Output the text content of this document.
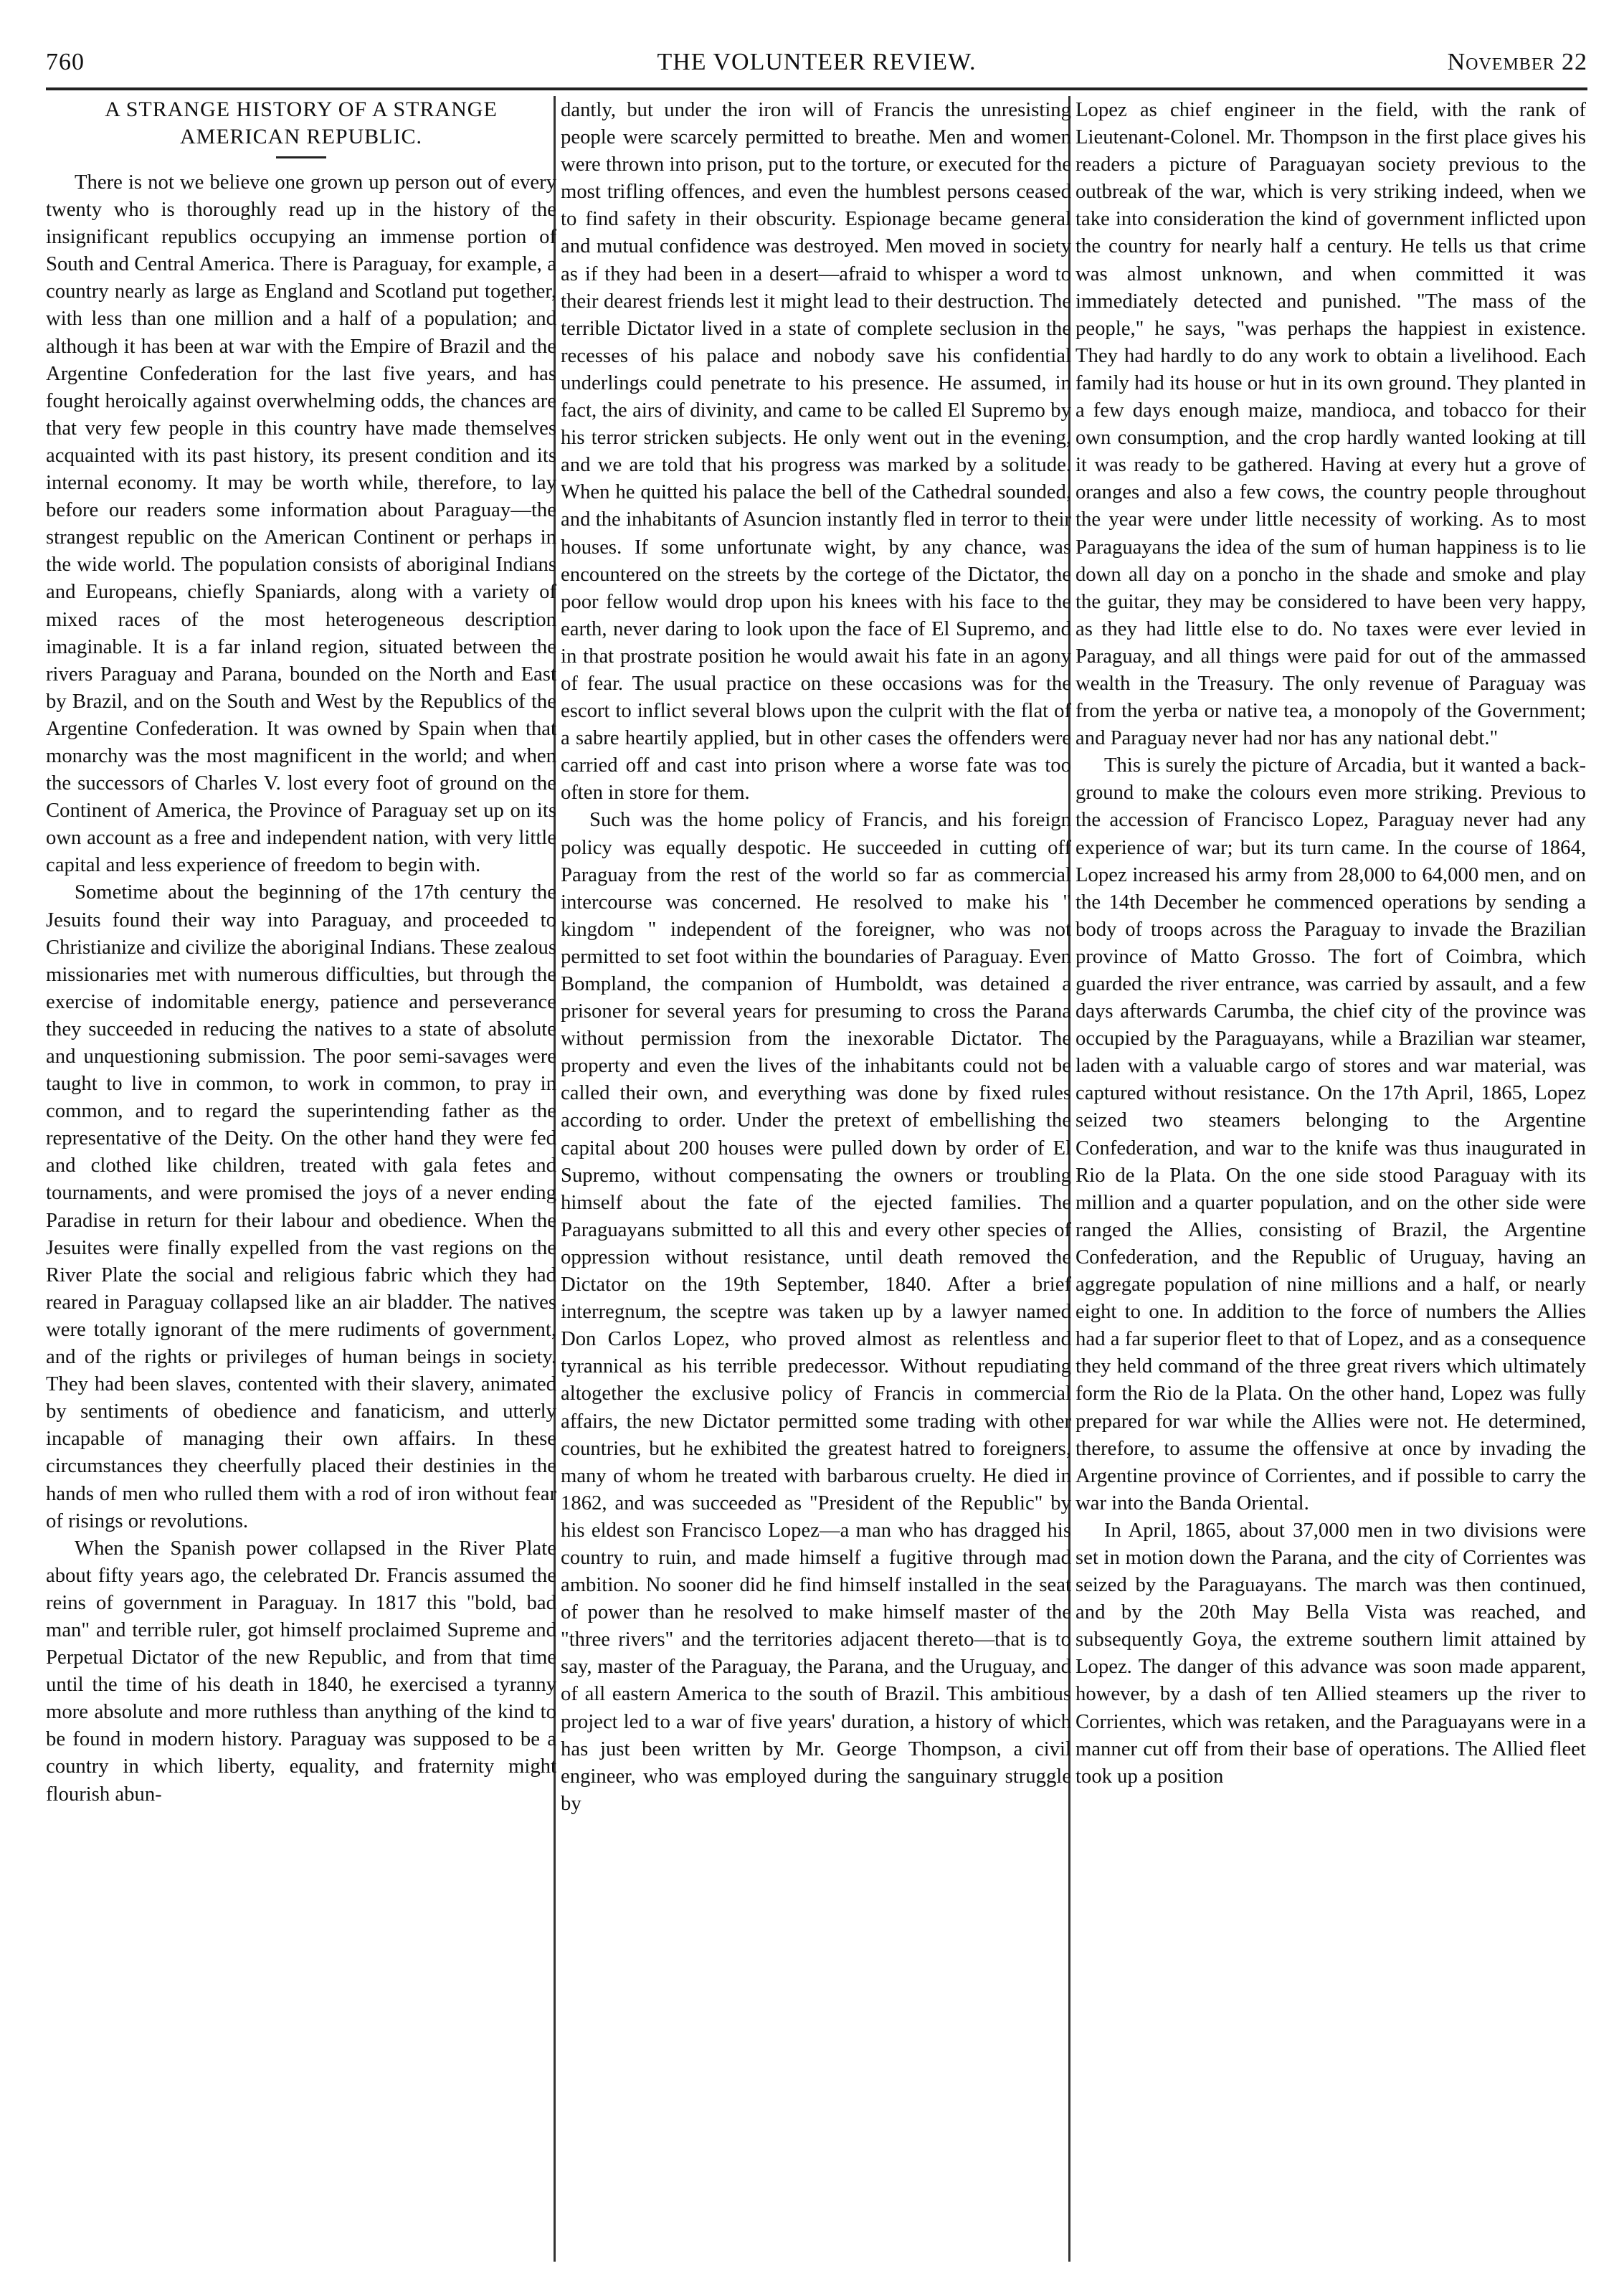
760	THE VOLUNTEER REVIEW.	November 22
A STRANGE HISTORY OF A STRANGE
AMERICAN REPUBLIC.

There is not we believe one grown up person out of every twenty who is thoroughly read up in the history of the insignificant republics occupying an immense portion of South and Central America. There is Paraguay, for example, a country nearly as large as England and Scotland put together, with less than one million and a half of a population; and although it has been at war with the Empire of Brazil and the Argentine Confederation for the last five years, and has fought heroically against overwhelming odds, the chances are that very few people in this country have made themselves acquainted with its past history, its present condition and its internal economy. It may be worth while, therefore, to lay before our readers some information about Paraguay—the strangest republic on the American Continent or perhaps in the wide world. The population consists of aboriginal Indians and Europeans, chiefly Spaniards, along with a variety of mixed races of the most heterogeneous description imaginable. It is a far inland region, situated between the rivers Paraguay and Parana, bounded on the North and East by Brazil, and on the South and West by the Republics of the Argentine Confederation. It was owned by Spain when that monarchy was the most magnificent in the world; and when the successors of Charles V. lost every foot of ground on the Continent of America, the Province of Paraguay set up on its own account as a free and independent nation, with very little capital and less experience of freedom to begin with.

Sometime about the beginning of the 17th century the Jesuits found their way into Paraguay, and proceeded to Christianize and civilize the aboriginal Indians. These zealous missionaries met with numerous difficulties, but through the exercise of indomitable energy, patience and perseverance they succeeded in reducing the natives to a state of absolute and unquestioning submission. The poor semi-savages were taught to live in common, to work in common, to pray in common, and to regard the superintending father as the representative of the Deity. On the other hand they were fed and clothed like children, treated with gala fetes and tournaments, and were promised the joys of a never ending Paradise in return for their labour and obedience. When the Jesuites were finally expelled from the vast regions on the River Plate the social and religious fabric which they had reared in Paraguay collapsed like an air bladder. The natives were totally ignorant of the mere rudiments of government, and of the rights or privileges of human beings in society. They had been slaves, contented with their slavery, animated by sentiments of obedience and fanaticism, and utterly incapable of managing their own affairs. In these circumstances they cheerfully placed their destinies in the hands of men who rulled them with a rod of iron without fear of risings or revolutions.

When the Spanish power collapsed in the River Plate about fifty years ago, the celebrated Dr. Francis assumed the reins of government in Paraguay. In 1817 this "bold, bad man" and terrible ruler, got himself proclaimed Supreme and Perpetual Dictator of the new Republic, and from that time until the time of his death in 1840, he exercised a tyranny more absolute and more ruthless than anything of the kind to be found in modern history. Paraguay was supposed to be a country in which liberty, equality, and fraternity might flourish abun-

dantly, but under the iron will of Francis the unresisting people were scarcely permitted to breathe. Men and women were thrown into prison, put to the torture, or executed for the most trifling offences, and even the humblest persons ceased to find safety in their obscurity. Espionage became general and mutual confidence was destroyed. Men moved in society as if they had been in a desert—afraid to whisper a word to their dearest friends lest it might lead to their destruction. The terrible Dictator lived in a state of complete seclusion in the recesses of his palace and nobody save his confidential underlings could penetrate to his presence. He assumed, in fact, the airs of divinity, and came to be called El Supremo by his terror stricken subjects. He only went out in the evening, and we are told that his progress was marked by a solitude. When he quitted his palace the bell of the Cathedral sounded, and the inhabitants of Asuncion instantly fled in terror to their houses. If some unfortunate wight, by any chance, was encountered on the streets by the cortege of the Dictator, the poor fellow would drop upon his knees with his face to the earth, never daring to look upon the face of El Supremo, and in that prostrate position he would await his fate in an agony of fear. The usual practice on these occasions was for the escort to inflict several blows upon the culprit with the flat of a sabre heartily applied, but in other cases the offenders were carried off and cast into prison where a worse fate was too often in store for them.

Such was the home policy of Francis, and his foreign policy was equally despotic. He succeeded in cutting off Paraguay from the rest of the world so far as commercial intercourse was concerned. He resolved to make his " kingdom " independent of the foreigner, who was not permitted to set foot within the boundaries of Paraguay. Even Bompland, the companion of Humboldt, was detained a prisoner for several years for presuming to cross the Parana without permission from the inexorable Dictator. The property and even the lives of the inhabitants could not be called their own, and everything was done by fixed rules according to order. Under the pretext of embellishing the capital about 200 houses were pulled down by order of El Supremo, without compensating the owners or troubling himself about the fate of the ejected families. The Paraguayans submitted to all this and every other species of oppression without resistance, until death removed the Dictator on the 19th September, 1840. After a brief interregnum, the sceptre was taken up by a lawyer named Don Carlos Lopez, who proved almost as relentless and tyrannical as his terrible predecessor. Without repudiating altogether the exclusive policy of Francis in commercial affairs, the new Dictator permitted some trading with other countries, but he exhibited the greatest hatred to foreigners, many of whom he treated with barbarous cruelty. He died in 1862, and was succeeded as "President of the Republic" by his eldest son Francisco Lopez—a man who has dragged his country to ruin, and made himself a fugitive through mad ambition. No sooner did he find himself installed in the seat of power than he resolved to make himself master of the "three rivers" and the territories adjacent thereto—that is to say, master of the Paraguay, the Parana, and the Uruguay, and of all eastern America to the south of Brazil. This ambitious project led to a war of five years' duration, a history of which has just been written by Mr. George Thompson, a civil engineer, who was employed during the sanguinary struggle by

Lopez as chief engineer in the field, with the rank of Lieutenant-Colonel. Mr. Thompson in the first place gives his readers a picture of Paraguayan society previous to the outbreak of the war, which is very striking indeed, when we take into consideration the kind of government inflicted upon the country for nearly half a century. He tells us that crime was almost unknown, and when committed it was immediately detected and punished. "The mass of the people," he says, "was perhaps the happiest in existence. They had hardly to do any work to obtain a livelihood. Each family had its house or hut in its own ground. They planted in a few days enough maize, mandioca, and tobacco for their own consumption, and the crop hardly wanted looking at till it was ready to be gathered. Having at every hut a grove of oranges and also a few cows, the country people throughout the year were under little necessity of working. As to most Paraguayans the idea of the sum of human happiness is to lie down all day on a poncho in the shade and smoke and play the guitar, they may be considered to have been very happy, as they had little else to do. No taxes were ever levied in Paraguay, and all things were paid for out of the ammassed wealth in the Treasury. The only revenue of Paraguay was from the yerba or native tea, a monopoly of the Government; and Paraguay never had nor has any national debt."

This is surely the picture of Arcadia, but it wanted a back-ground to make the colours even more striking. Previous to the accession of Francisco Lopez, Paraguay never had any experience of war; but its turn came. In the course of 1864, Lopez increased his army from 28,000 to 64,000 men, and on the 14th December he commenced operations by sending a body of troops across the Paraguay to invade the Brazilian province of Matto Grosso. The fort of Coimbra, which guarded the river entrance, was carried by assault, and a few days afterwards Carumba, the chief city of the province was occupied by the Paraguayans, while a Brazilian war steamer, laden with a valuable cargo of stores and war material, was captured without resistance. On the 17th April, 1865, Lopez seized two steamers belonging to the Argentine Confederation, and war to the knife was thus inaugurated in Rio de la Plata. On the one side stood Paraguay with its million and a quarter population, and on the other side were ranged the Allies, consisting of Brazil, the Argentine Confederation, and the Republic of Uruguay, having an aggregate population of nine millions and a half, or nearly eight to one. In addition to the force of numbers the Allies had a far superior fleet to that of Lopez, and as a consequence they held command of the three great rivers which ultimately form the Rio de la Plata. On the other hand, Lopez was fully prepared for war while the Allies were not. He determined, therefore, to assume the offensive at once by invading the Argentine province of Corrientes, and if possible to carry the war into the Banda Oriental.

In April, 1865, about 37,000 men in two divisions were set in motion down the Parana, and the city of Corrientes was seized by the Paraguayans. The march was then continued, and by the 20th May Bella Vista was reached, and subsequently Goya, the extreme southern limit attained by Lopez. The danger of this advance was soon made apparent, however, by a dash of ten Allied steamers up the river to Corrientes, which was retaken, and the Paraguayans were in a manner cut off from their base of operations. The Allied fleet took up a position
